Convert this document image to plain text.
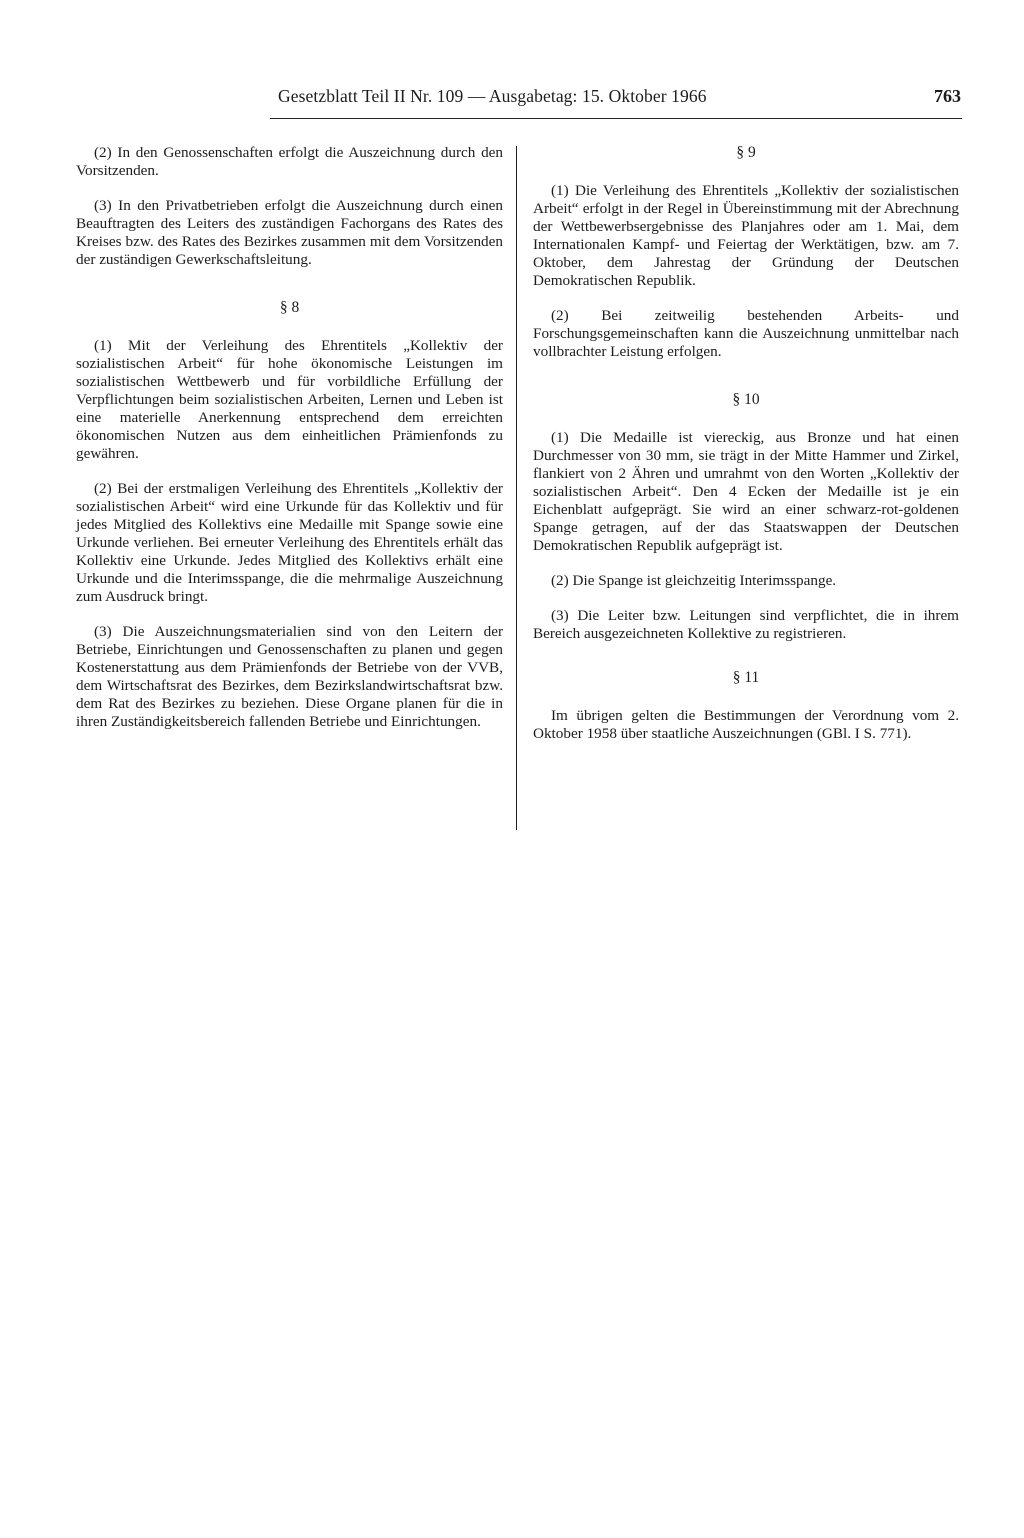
Gesetzblatt Teil II Nr. 109 — Ausgabetag: 15. Oktober 1966	763

(2) In den Genossenschaften erfolgt die Auszeichnung durch den Vorsitzenden.

(3) In den Privatbetrieben erfolgt die Auszeichnung durch einen Beauftragten des Leiters des zuständigen Fachorgans des Rates des Kreises bzw. des Rates des Bezirkes zusammen mit dem Vorsitzenden der zuständigen Gewerkschaftsleitung.

§ 8

(1) Mit der Verleihung des Ehrentitels „Kollektiv der sozialistischen Arbeit“ für hohe ökonomische Leistungen im sozialistischen Wettbewerb und für vorbildliche Erfüllung der Verpflichtungen beim sozialistischen Arbeiten, Lernen und Leben ist eine materielle Anerkennung entsprechend dem erreichten ökonomischen Nutzen aus dem einheitlichen Prämienfonds zu gewähren.

(2) Bei der erstmaligen Verleihung des Ehrentitels „Kollektiv der sozialistischen Arbeit“ wird eine Urkunde für das Kollektiv und für jedes Mitglied des Kollektivs eine Medaille mit Spange sowie eine Urkunde verliehen. Bei erneuter Verleihung des Ehrentitels erhält das Kollektiv eine Urkunde. Jedes Mitglied des Kollektivs erhält eine Urkunde und die Interimsspange, die die mehrmalige Auszeichnung zum Ausdruck bringt.

(3) Die Auszeichnungsmaterialien sind von den Leitern der Betriebe, Einrichtungen und Genossenschaften zu planen und gegen Kostenerstattung aus dem Prämienfonds der Betriebe von der VVB, dem Wirtschaftsrat des Bezirkes, dem Bezirkslandwirtschaftsrat bzw. dem Rat des Bezirkes zu beziehen. Diese Organe planen für die in ihren Zuständigkeitsbereich fallenden Betriebe und Einrichtungen.

§ 9

(1) Die Verleihung des Ehrentitels „Kollektiv der sozialistischen Arbeit“ erfolgt in der Regel in Übereinstimmung mit der Abrechnung der Wettbewerbsergebnisse des Planjahres oder am 1. Mai, dem Internationalen Kampf- und Feiertag der Werktätigen, bzw. am 7. Oktober, dem Jahrestag der Gründung der Deutschen Demokratischen Republik.

(2) Bei zeitweilig bestehenden Arbeits- und Forschungsgemeinschaften kann die Auszeichnung unmittelbar nach vollbrachter Leistung erfolgen.

§ 10

(1) Die Medaille ist viereckig, aus Bronze und hat einen Durchmesser von 30 mm, sie trägt in der Mitte Hammer und Zirkel, flankiert von 2 Ähren und umrahmt von den Worten „Kollektiv der sozialistischen Arbeit“. Den 4 Ecken der Medaille ist je ein Eichenblatt aufgeprägt. Sie wird an einer schwarz-rot-goldenen Spange getragen, auf der das Staatswappen der Deutschen Demokratischen Republik aufgeprägt ist.

(2) Die Spange ist gleichzeitig Interimsspange.

(3) Die Leiter bzw. Leitungen sind verpflichtet, die in ihrem Bereich ausgezeichneten Kollektive zu registrieren.

§ 11

Im übrigen gelten die Bestimmungen der Verordnung vom 2. Oktober 1958 über staatliche Auszeichnungen (GBl. I S. 771).
